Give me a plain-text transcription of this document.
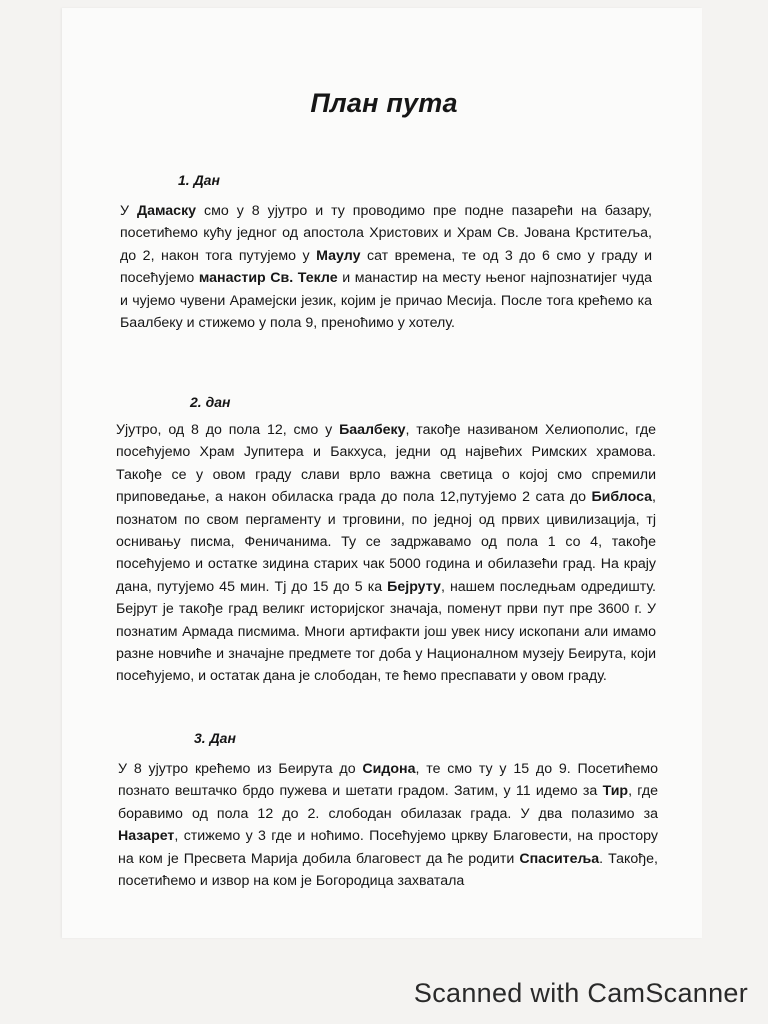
План пута
1. Дан
У Дамаску смо у 8 ујутро и ту проводимо пре подне пазарећи на базару, посетићемо кућу једног од апостола Христових и Храм Св. Јована Крститеља, до 2, након тога путујемо у Маулу сат времена, те од 3 до 6 смо у граду и посећујемо манастир Св. Текле и манастир на месту њеног најпознатијег чуда и чујемо чувени Арамејски језик, којим је причао Месија. После тога крећемо ка Баалбеку и стижемо у пола 9, преноћимо у хотелу.
2. дан
Ујутро, од 8 до пола 12, смо у Баалбеку, такође називаном Хелиополис, где посећујемо Храм Јупитера и Бакхуса, једни од највећих Римских храмова. Такође се у овом граду слави врло важна светица о којој смо спремили приповедање, а након обиласка града до пола 12,путујемо 2 сата до Библоса, познатом по свом пергаменту и трговини, по једној од првих цивилизација, тј оснивању писма, Феничанима. Ту се задржавамо од пола 1 со 4, такође посећујемо и остатке зидина старих чак 5000 година и обилазећи град. На крају дана, путујемо 45 мин. Тј до 15 до 5 ка Бејруту, нашем последњам одредишту. Бејрут је такође град великг историјског значаја, поменут први пут пре 3600 г. У познатим Армада писмима. Многи артифакти још увек нису ископани али имамо разне новчиће и значајне предмете тог доба у Националном музеју Беирута, који посећујемо, и остатак дана је слободан, те ћемо преспавати у овом граду.
3. Дан
У 8 ујутро крећемо из Беирута до Сидона, те смо ту у 15 до 9. Посетићемо познато вештачко брдо пужева и шетати градом. Затим, у 11 идемо за Тир, где боравимо од пола 12 до 2. слободан обилазак града. У два полазимо за Назарет, стижемо у 3 где и ноћимо. Посећујемо цркву Благовести, на простору на ком је Пресвета Марија добила благовест да ће родити Спаситеља. Такође, посетићемо и извор на ком је Богородица захватала
Scanned with CamScanner
